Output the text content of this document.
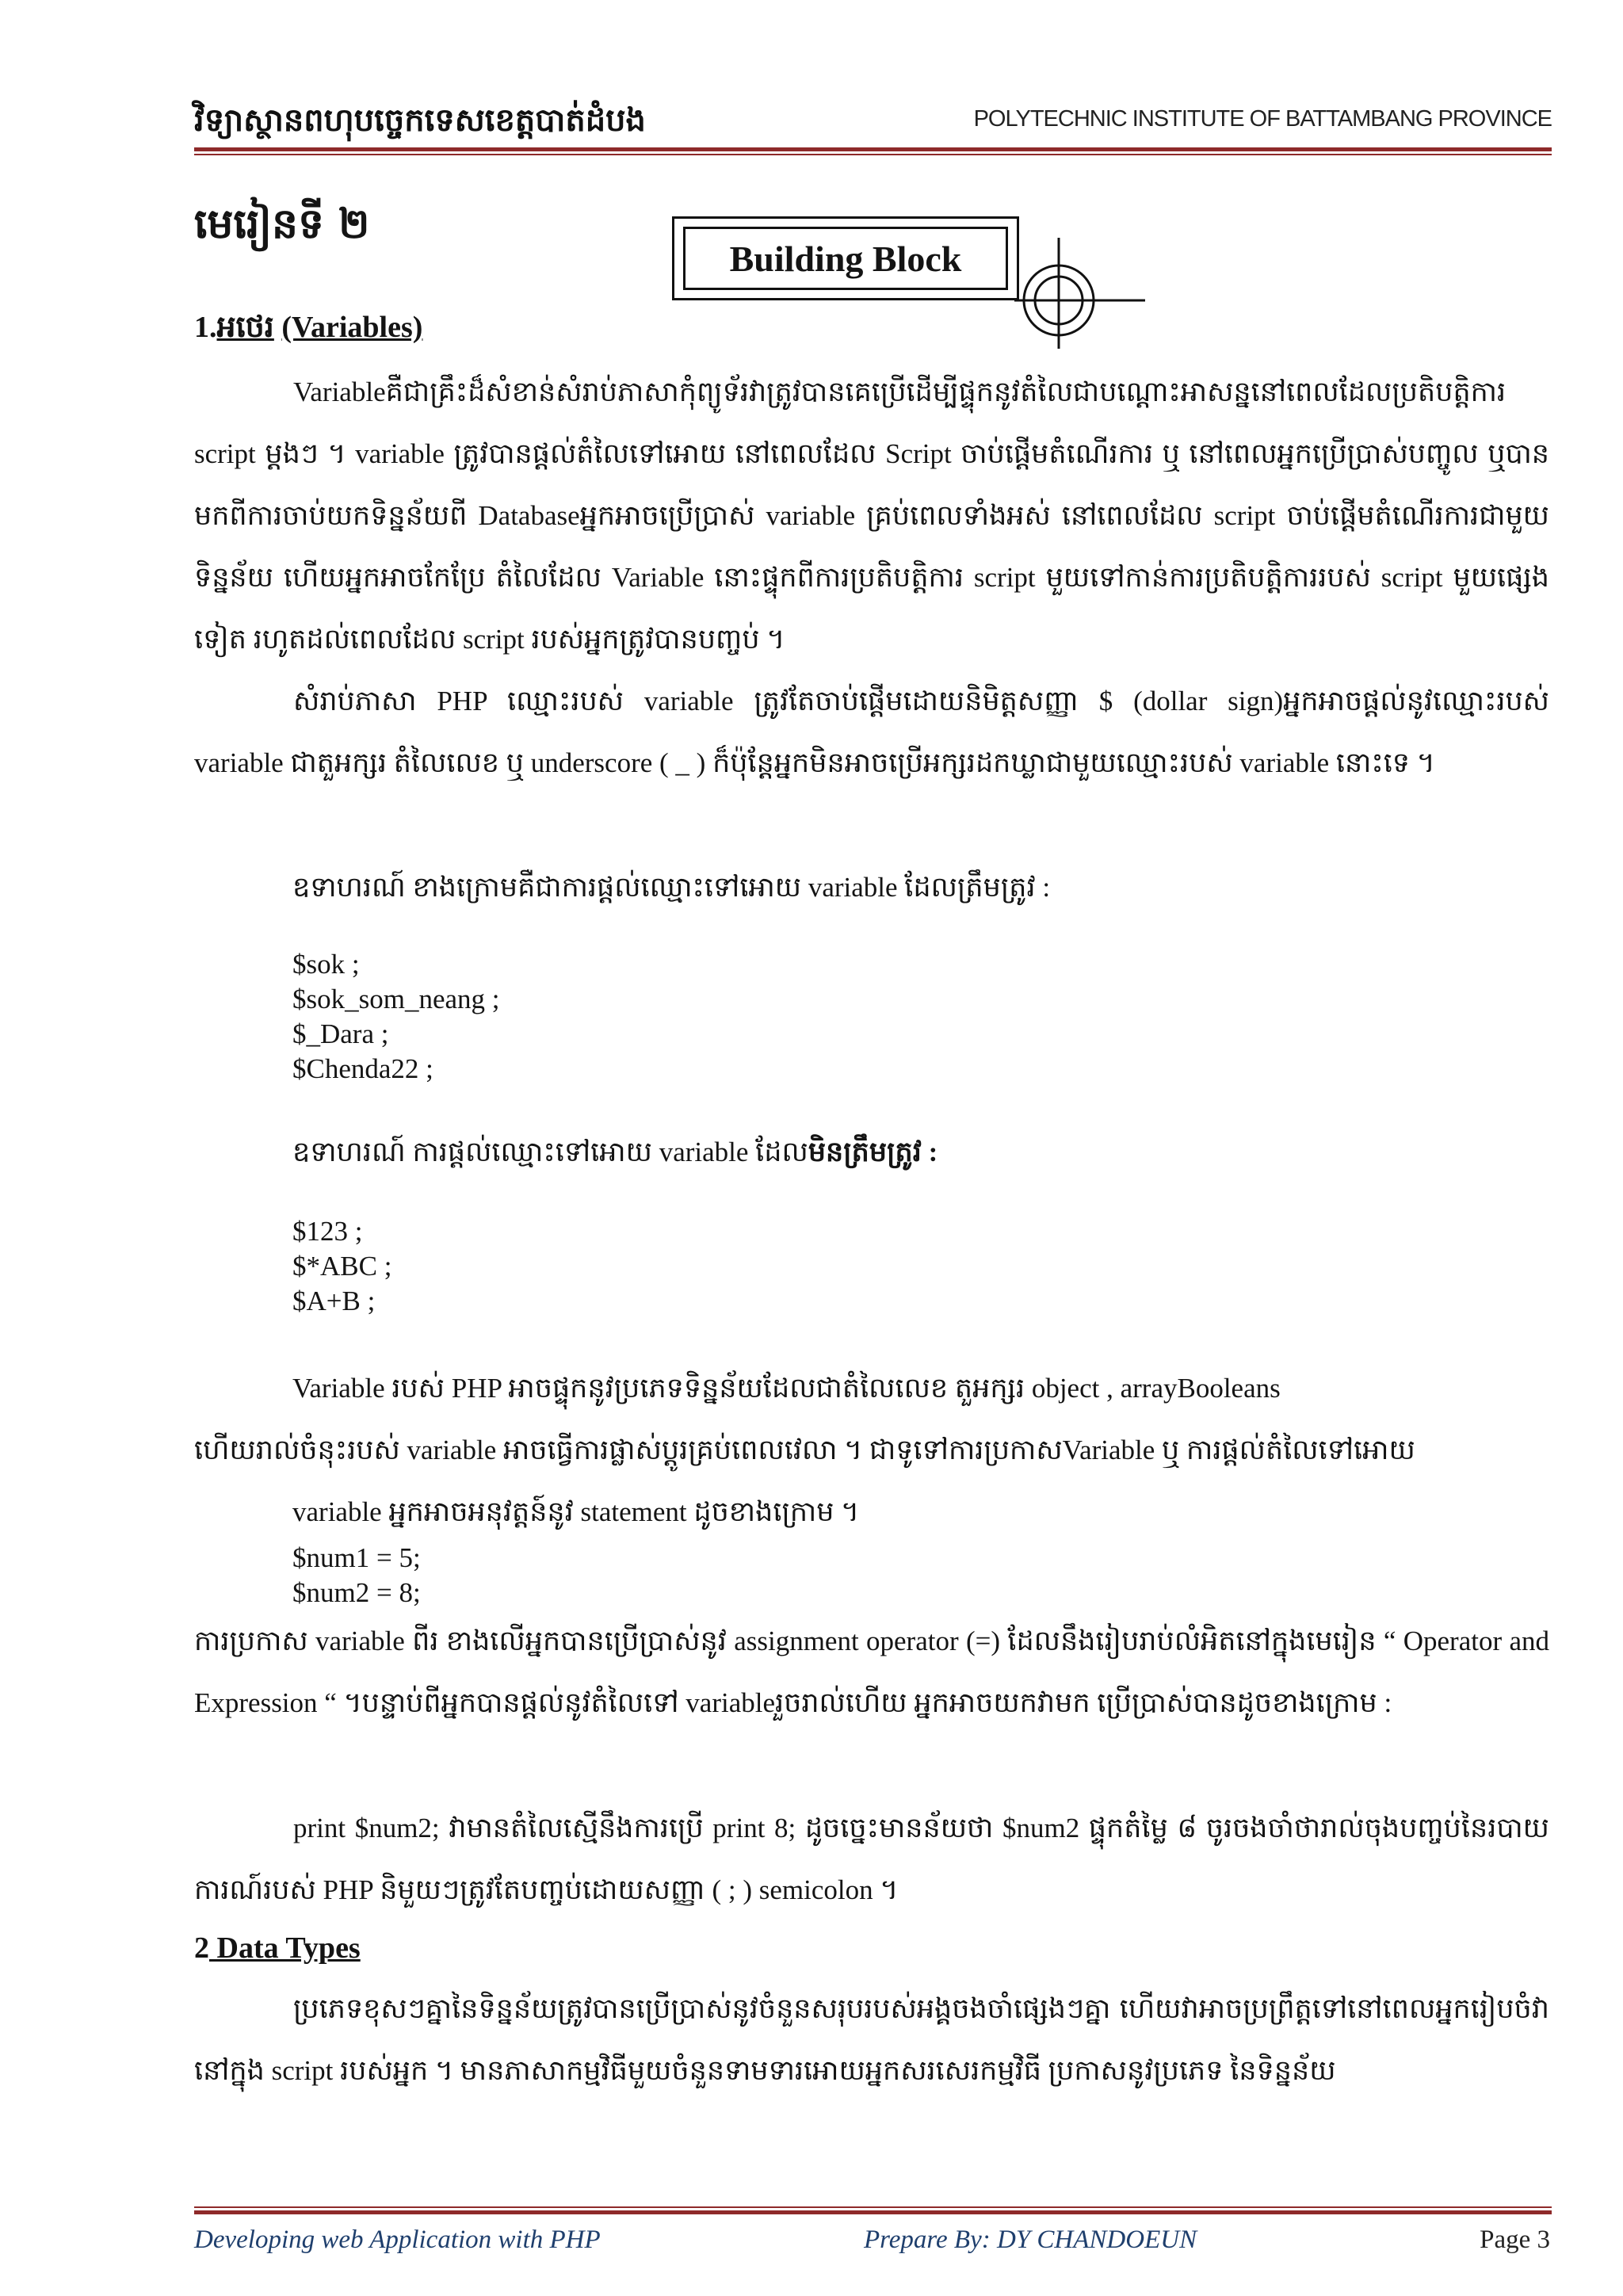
វិទ្យាស្ថានពហុបច្ចេកទេសខេត្តបាត់ដំបង	POLYTECHNIC INSTITUTE OF BATTAMBANG PROVINCE
មេរៀនទី ២
Building Block
1.អថេរ (Variables)
Variableគឺជាគ្រឹះដ៏សំខាន់សំរាប់ភាសាកុំព្យូទ័រវាត្រូវបានគេប្រើដើម្បីផ្ទុកនូវតំលៃជាបណ្ដោះអាសន្ននៅពេលដែលប្រតិបត្តិការ script ម្តងៗ ។ variable ត្រូវបានផ្តល់តំលៃទៅអោយ នៅពេលដែល Script ចាប់ផ្តើមតំណើរការ ឬ នៅពេលអ្នកប្រើប្រាស់បញ្ចូល ឬបានមកពីការចាប់យកទិន្នន័យពី Databaseអ្នកអាចប្រើប្រាស់ variable គ្រប់ពេលទាំងអស់ នៅពេលដែល script ចាប់ផ្តើមតំណើរការជាមួយទិន្នន័យ ហើយអ្នកអាចកែប្រែ តំលៃដែល Variable នោះផ្ទុកពីការប្រតិបត្តិការ script មួយទៅកាន់ការប្រតិបត្តិការរបស់ script មួយផ្សេងទៀត រហូតដល់ពេលដែល script របស់អ្នកត្រូវបានបញ្ចប់ ។
សំរាប់ភាសា PHP ឈ្មោះរបស់ variable ត្រូវតែចាប់ផ្តើមដោយនិមិត្តសញ្ញា $ (dollar sign)អ្នកអាចផ្តល់នូវឈ្មោះរបស់ variable ជាតួអក្សរ តំលៃលេខ ឬ underscore ( _ ) ក៏ប៉ុន្តែអ្នកមិនអាចប្រើអក្សរដកឃ្លាជាមួយឈ្មោះរបស់ variable នោះទេ ។
ឧទាហរណ៍ ខាងក្រោមគឺជាការផ្តល់ឈ្មោះទៅអោយ variable ដែលត្រឹមត្រូវ :
$sok ;
$sok_som_neang ;
$_Dara ;
$Chenda22 ;
ឧទាហរណ៍ ការផ្តល់ឈ្មោះទៅអោយ variable ដែលមិនត្រឹមត្រូវ :
$123 ;
$*ABC ;
$A+B ;
Variable របស់ PHP អាចផ្ទុកនូវប្រភេទទិន្នន័យដែលជាតំលៃលេខ តួអក្សរ object , arrayBooleans
ហើយរាល់ចំនុះរបស់ variable អាចធ្វើការផ្លាស់ប្តូរគ្រប់ពេលវេលា ។ ជាទូទៅការប្រកាសVariable ឬ ការផ្តល់តំលៃទៅអោយ
variable អ្នកអាចអនុវត្តន៍នូវ statement ដូចខាងក្រោម ។
$num1 = 5;
$num2 = 8;
ការប្រកាស variable ពីរ ខាងលើអ្នកបានប្រើប្រាស់នូវ assignment operator (=) ដែលនឹងរៀបរាប់លំអិតនៅក្នុងមេរៀន “ Operator and Expression “ ។បន្ទាប់ពីអ្នកបានផ្តល់នូវតំលៃទៅ variableរួចរាល់ហើយ អ្នកអាចយកវាមក ប្រើប្រាស់បានដូចខាងក្រោម :
print $num2; វាមានតំលៃស្មើនឹងការប្រើ print 8; ដូចច្នេះមានន័យថា $num2 ផ្ទុកតំម្លៃ ៨ ចូរចងចាំថារាល់ចុងបញ្ចប់នៃរបាយការណ៍របស់ PHP និមួយៗត្រូវតែបញ្ចប់ដោយសញ្ញា ( ; ) semicolon ។
2 Data Types
ប្រភេទខុសៗគ្នានៃទិន្នន័យត្រូវបានប្រើប្រាស់នូវចំនួនសរុបរបស់អង្គចងចាំផ្សេងៗគ្នា ហើយវាអាចប្រព្រឹត្តទៅនៅពេលអ្នករៀបចំវានៅក្នុង script របស់អ្នក ។ មានភាសាកម្មវិធីមួយចំនួនទាមទារអោយអ្នកសរសេរកម្មវិធី ប្រកាសនូវប្រភេទ នៃទិន្នន័យ
Developing web Application with PHP	Prepare By: DY CHANDOEUN	Page 3
